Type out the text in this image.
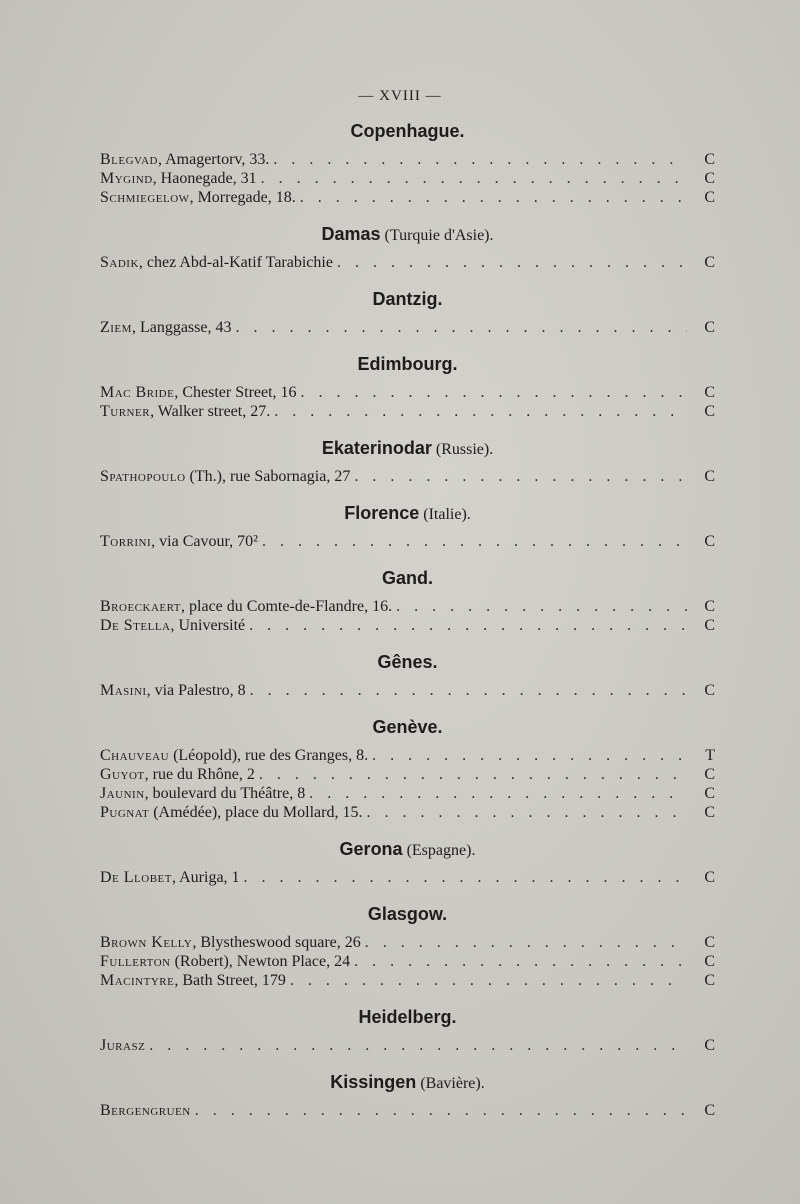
— XVIII —
Copenhague.
Blegvad , Amagertorv, 33. . . .	C
Mygind , Haonegade, 31 . . .	C
Schmiegelow , Morregade, 18. . . .	C
Damas (Turquie d'Asie).
Sadik , chez Abd-al-Katif Tarabichie . . .	C
Dantzig.
Ziem , Langgasse, 43 . . .	C
Edimbourg.
Mac Bride , Chester Street, 16 . . .	C
Turner , Walker street, 27. . . .	C
Ekaterinodar (Russie).
Spathopoulo (Th.), rue Sabornagia, 27 . . .	C
Florence (Italie).
Torrini , via Cavour, 70² . . .	C
Gand.
Broeckaert , place du Comte-de-Flandre, 16. . . .	C
De Stella , Université . . .	C
Gênes.
Masini , via Palestro, 8 . . .	C
Genève.
Chauveau (Léopold), rue des Granges, 8. . . .	T
Guyot , rue du Rhône, 2 . . .	C
Jaunin , boulevard du Théâtre, 8 . . .	C
Pugnat (Amédée), place du Mollard, 15. . . .	C
Gerona (Espagne).
De Llobet , Auriga, 1 . . .	C
Glasgow.
Brown Kelly , Blystheswood square, 26 . . .	C
Fullerton (Robert), Newton Place, 24 . . .	C
Macintyre , Bath Street, 179 . . .	C
Heidelberg.
Jurasz . . .	C
Kissingen (Bavière).
Bergengruen . . .	C
